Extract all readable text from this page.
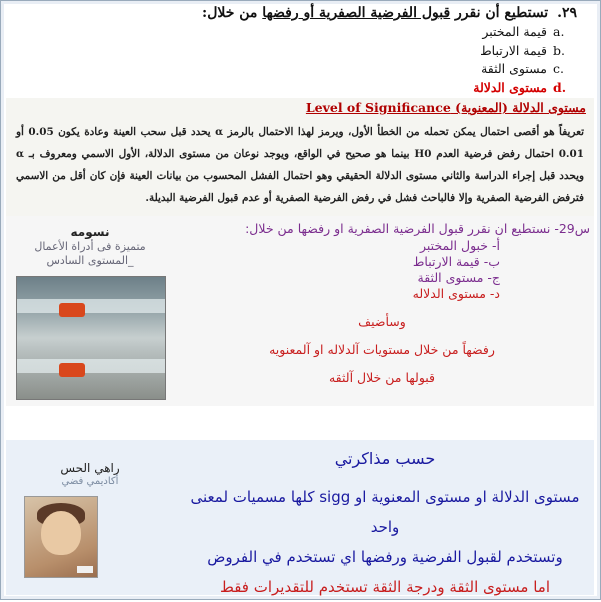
٢٩. تستطيع أن نقرر قبول الفرضية الصفرية أو رفضها من خلال:
a.
قيمة المختبر
b.
قيمة الارتباط
c.
مستوى الثقة
d.
مستوى الدلالة
مستوى الدلالة (المعنوية) Level of Significance
تعريفاً هو أقصى احتمال يمكن تحمله من الخطأ الأول، ويرمز لهذا الاحتمال بالرمز α يحدد قبل سحب العينة وعادة يكون 0.05 أو 0.01 احتمال رفض فرضية العدم H0 بينما هو صحيح في الواقع، ويوجد نوعان من مستوى الدلالة، الأول الاسمي ومعروف بـ α ويحدد قبل إجراء الدراسة والثاني مستوى الدلالة الحقيقي وهو احتمال الفشل المحسوب من بيانات العينة فإن كان أقل من الاسمي فترفض الفرضية الصفرية وإلا فالباحث فشل في رفض الفرضية الصفرية أو عدم قبول الفرضية البديلة.
س29- نستطيع ان نقرر قبول الفرضية الصفرية او رفضها من خلال:
أ- خبول المختبر
ب- قيمة الارتباط
ج- مستوى الثقة
د- مستوى الدلاله
وسأضيف
رفضهاً من خلال مستويات آلدلاله او آلمعنويه
قبولها من خلال آلثقه
نسومه
متميزة فى أدراة الأعمال _المستوى السادس
حسب مذاكرتي
مستوى الدلالة او مستوى المعنوية او sigg كلها مسميات لمعنى واحد
وتستخدم لقبول الفرضية ورفضها اي تستخدم في الفروض
اما مستوى الثقة ودرجة الثقة تستخدم للتقديرات فقط
راهي الحس
أكاديمي فضي
